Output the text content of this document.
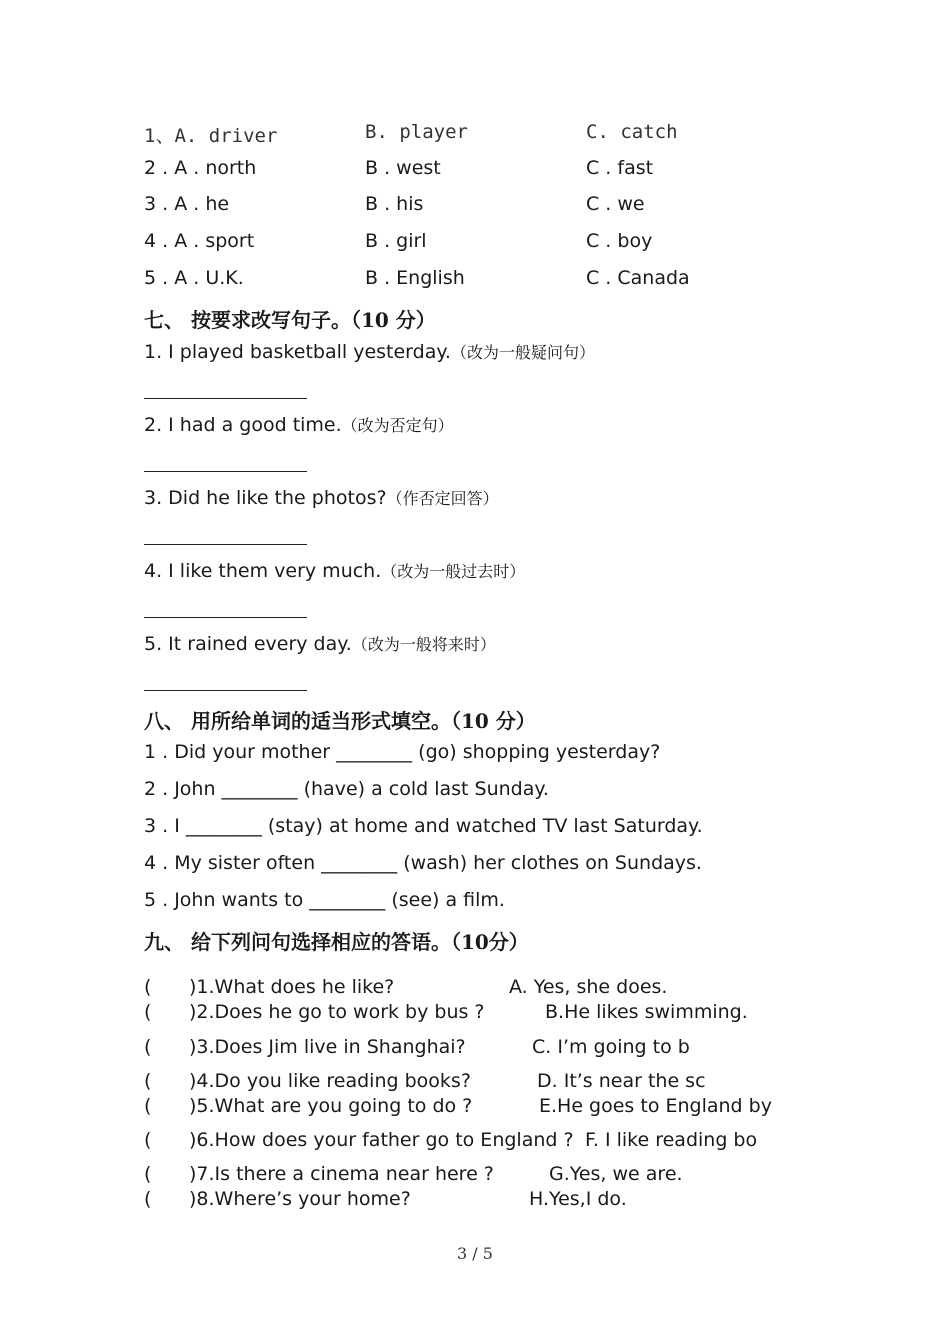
1、A. driver	B. player	C. catch
2 . A . north	B . west	C . fast
3 . A . he	B . his	C . we
4 . A . sport	B . girl	C . boy
5 . A . U.K.	B . English	C . Canada
七、 按要求改写句子。（10 分）
1. I played basketball yesterday.（改为一般疑问句）
2. I had a good time.（改为否定句）
3. Did he like the photos?（作否定回答）
4. I like them very much.（改为一般过去时）
5. It rained every day.（改为一般将来时）
八、 用所给单词的适当形式填空。（10 分）
1 . Did your mother ________ (go) shopping yesterday?
2 . John ________ (have) a cold last Sunday.
3 . I ________ (stay) at home and watched TV last Saturday.
4 . My sister often ________ (wash) her clothes on Sundays.
5 . John wants to ________ (see) a film.
九、 给下列问句选择相应的答语。（10分）
( )1.What does he like?	A. Yes, she does.
( )2.Does he go to work by bus ?	B.He likes swimming.
( )3.Does Jim live in Shanghai?	C. I’m going to b
( )4.Do you like reading books?	D. It’s near the sc
( )5.What are you going to do ?	E.He goes to England by
( )6.How does your father go to England ? F. I like reading bo
( )7.Is there a cinema near here ?	G.Yes, we are.
( )8.Where’s your home?	H.Yes,I do.
3 / 5
